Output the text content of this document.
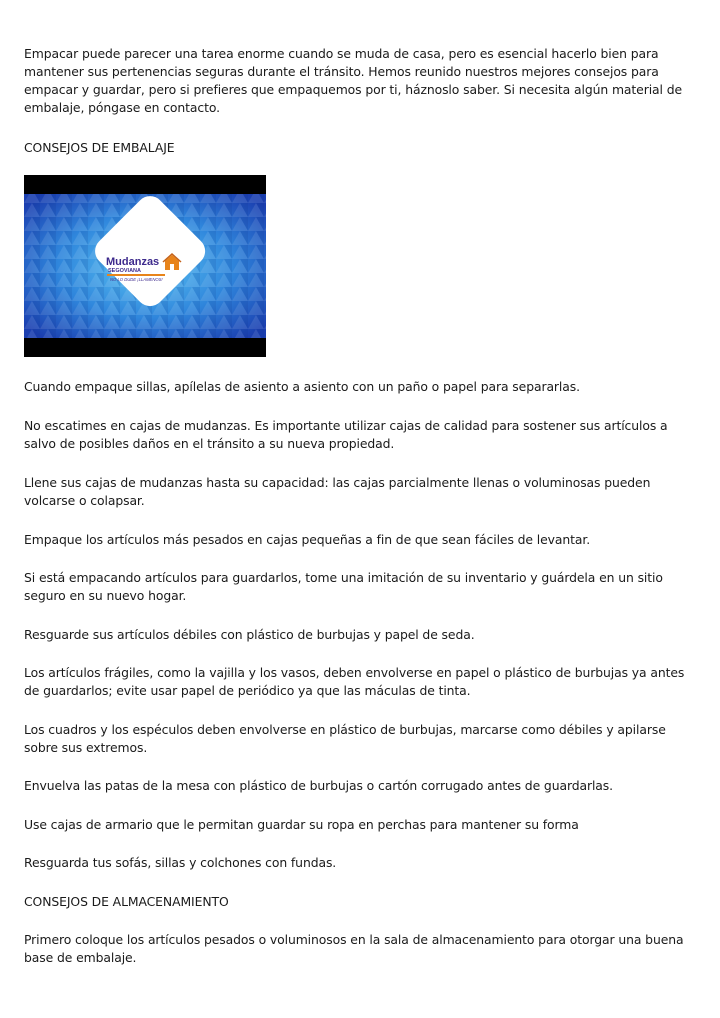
Empacar puede parecer una tarea enorme cuando se muda de casa, pero es esencial hacerlo bien para mantener sus pertenencias seguras durante el tránsito. Hemos reunido nuestros mejores consejos para empacar y guardar, pero si prefieres que empaquemos por ti, háznoslo saber. Si necesita algún material de embalaje, póngase en contacto.

CONSEJOS DE EMBALAJE

Mudanzas
SEGOVIANA
NO LO DUDE ¡LLAMENOS!

Cuando empaque sillas, apílelas de asiento a asiento con un paño o papel para separarlas.

No escatimes en cajas de mudanzas. Es importante utilizar cajas de calidad para sostener sus artículos a salvo de posibles daños en el tránsito a su nueva propiedad.

Llene sus cajas de mudanzas hasta su capacidad: las cajas parcialmente llenas o voluminosas pueden volcarse o colapsar.

Empaque los artículos más pesados en cajas pequeñas a fin de que sean fáciles de levantar.

Si está empacando artículos para guardarlos, tome una imitación de su inventario y guárdela en un sitio seguro en su nuevo hogar.

Resguarde sus artículos débiles con plástico de burbujas y papel de seda.

Los artículos frágiles, como la vajilla y los vasos, deben envolverse en papel o plástico de burbujas ya antes de guardarlos; evite usar papel de periódico ya que las máculas de tinta.

Los cuadros y los espéculos deben envolverse en plástico de burbujas, marcarse como débiles y apilarse sobre sus extremos.

Envuelva las patas de la mesa con plástico de burbujas o cartón corrugado antes de guardarlas.

Use cajas de armario que le permitan guardar su ropa en perchas para mantener su forma

Resguarda tus sofás, sillas y colchones con fundas.

CONSEJOS DE ALMACENAMIENTO

Primero coloque los artículos pesados o voluminosos en la sala de almacenamiento para otorgar una buena base de embalaje.
